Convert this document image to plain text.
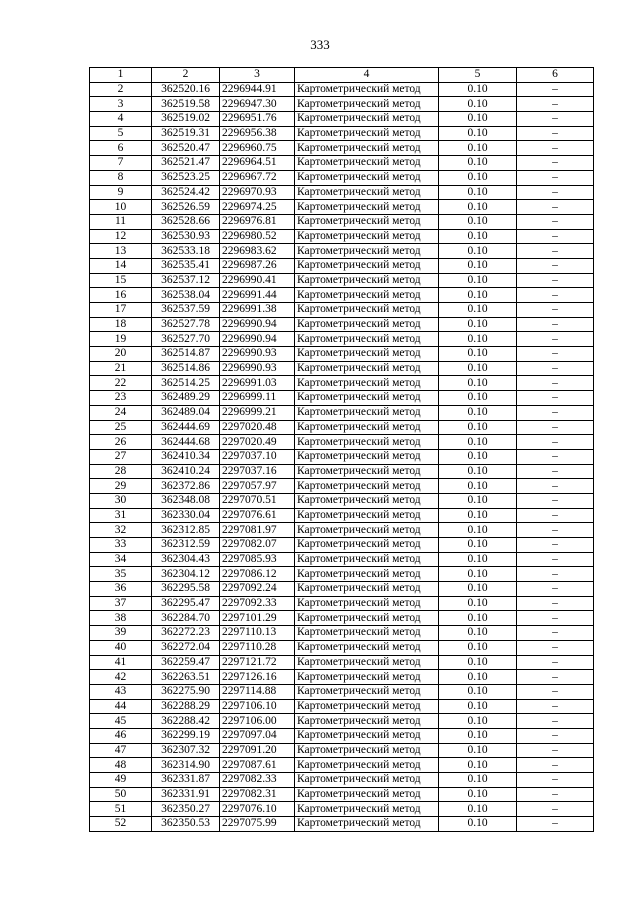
333
1	2	3	4	5	6
2	362520.16	2296944.91	Картометрический метод	0.10	–
3	362519.58	2296947.30	Картометрический метод	0.10	–
4	362519.02	2296951.76	Картометрический метод	0.10	–
5	362519.31	2296956.38	Картометрический метод	0.10	–
6	362520.47	2296960.75	Картометрический метод	0.10	–
7	362521.47	2296964.51	Картометрический метод	0.10	–
8	362523.25	2296967.72	Картометрический метод	0.10	–
9	362524.42	2296970.93	Картометрический метод	0.10	–
10	362526.59	2296974.25	Картометрический метод	0.10	–
11	362528.66	2296976.81	Картометрический метод	0.10	–
12	362530.93	2296980.52	Картометрический метод	0.10	–
13	362533.18	2296983.62	Картометрический метод	0.10	–
14	362535.41	2296987.26	Картометрический метод	0.10	–
15	362537.12	2296990.41	Картометрический метод	0.10	–
16	362538.04	2296991.44	Картометрический метод	0.10	–
17	362537.59	2296991.38	Картометрический метод	0.10	–
18	362527.78	2296990.94	Картометрический метод	0.10	–
19	362527.70	2296990.94	Картометрический метод	0.10	–
20	362514.87	2296990.93	Картометрический метод	0.10	–
21	362514.86	2296990.93	Картометрический метод	0.10	–
22	362514.25	2296991.03	Картометрический метод	0.10	–
23	362489.29	2296999.11	Картометрический метод	0.10	–
24	362489.04	2296999.21	Картометрический метод	0.10	–
25	362444.69	2297020.48	Картометрический метод	0.10	–
26	362444.68	2297020.49	Картометрический метод	0.10	–
27	362410.34	2297037.10	Картометрический метод	0.10	–
28	362410.24	2297037.16	Картометрический метод	0.10	–
29	362372.86	2297057.97	Картометрический метод	0.10	–
30	362348.08	2297070.51	Картометрический метод	0.10	–
31	362330.04	2297076.61	Картометрический метод	0.10	–
32	362312.85	2297081.97	Картометрический метод	0.10	–
33	362312.59	2297082.07	Картометрический метод	0.10	–
34	362304.43	2297085.93	Картометрический метод	0.10	–
35	362304.12	2297086.12	Картометрический метод	0.10	–
36	362295.58	2297092.24	Картометрический метод	0.10	–
37	362295.47	2297092.33	Картометрический метод	0.10	–
38	362284.70	2297101.29	Картометрический метод	0.10	–
39	362272.23	2297110.13	Картометрический метод	0.10	–
40	362272.04	2297110.28	Картометрический метод	0.10	–
41	362259.47	2297121.72	Картометрический метод	0.10	–
42	362263.51	2297126.16	Картометрический метод	0.10	–
43	362275.90	2297114.88	Картометрический метод	0.10	–
44	362288.29	2297106.10	Картометрический метод	0.10	–
45	362288.42	2297106.00	Картометрический метод	0.10	–
46	362299.19	2297097.04	Картометрический метод	0.10	–
47	362307.32	2297091.20	Картометрический метод	0.10	–
48	362314.90	2297087.61	Картометрический метод	0.10	–
49	362331.87	2297082.33	Картометрический метод	0.10	–
50	362331.91	2297082.31	Картометрический метод	0.10	–
51	362350.27	2297076.10	Картометрический метод	0.10	–
52	362350.53	2297075.99	Картометрический метод	0.10	–
